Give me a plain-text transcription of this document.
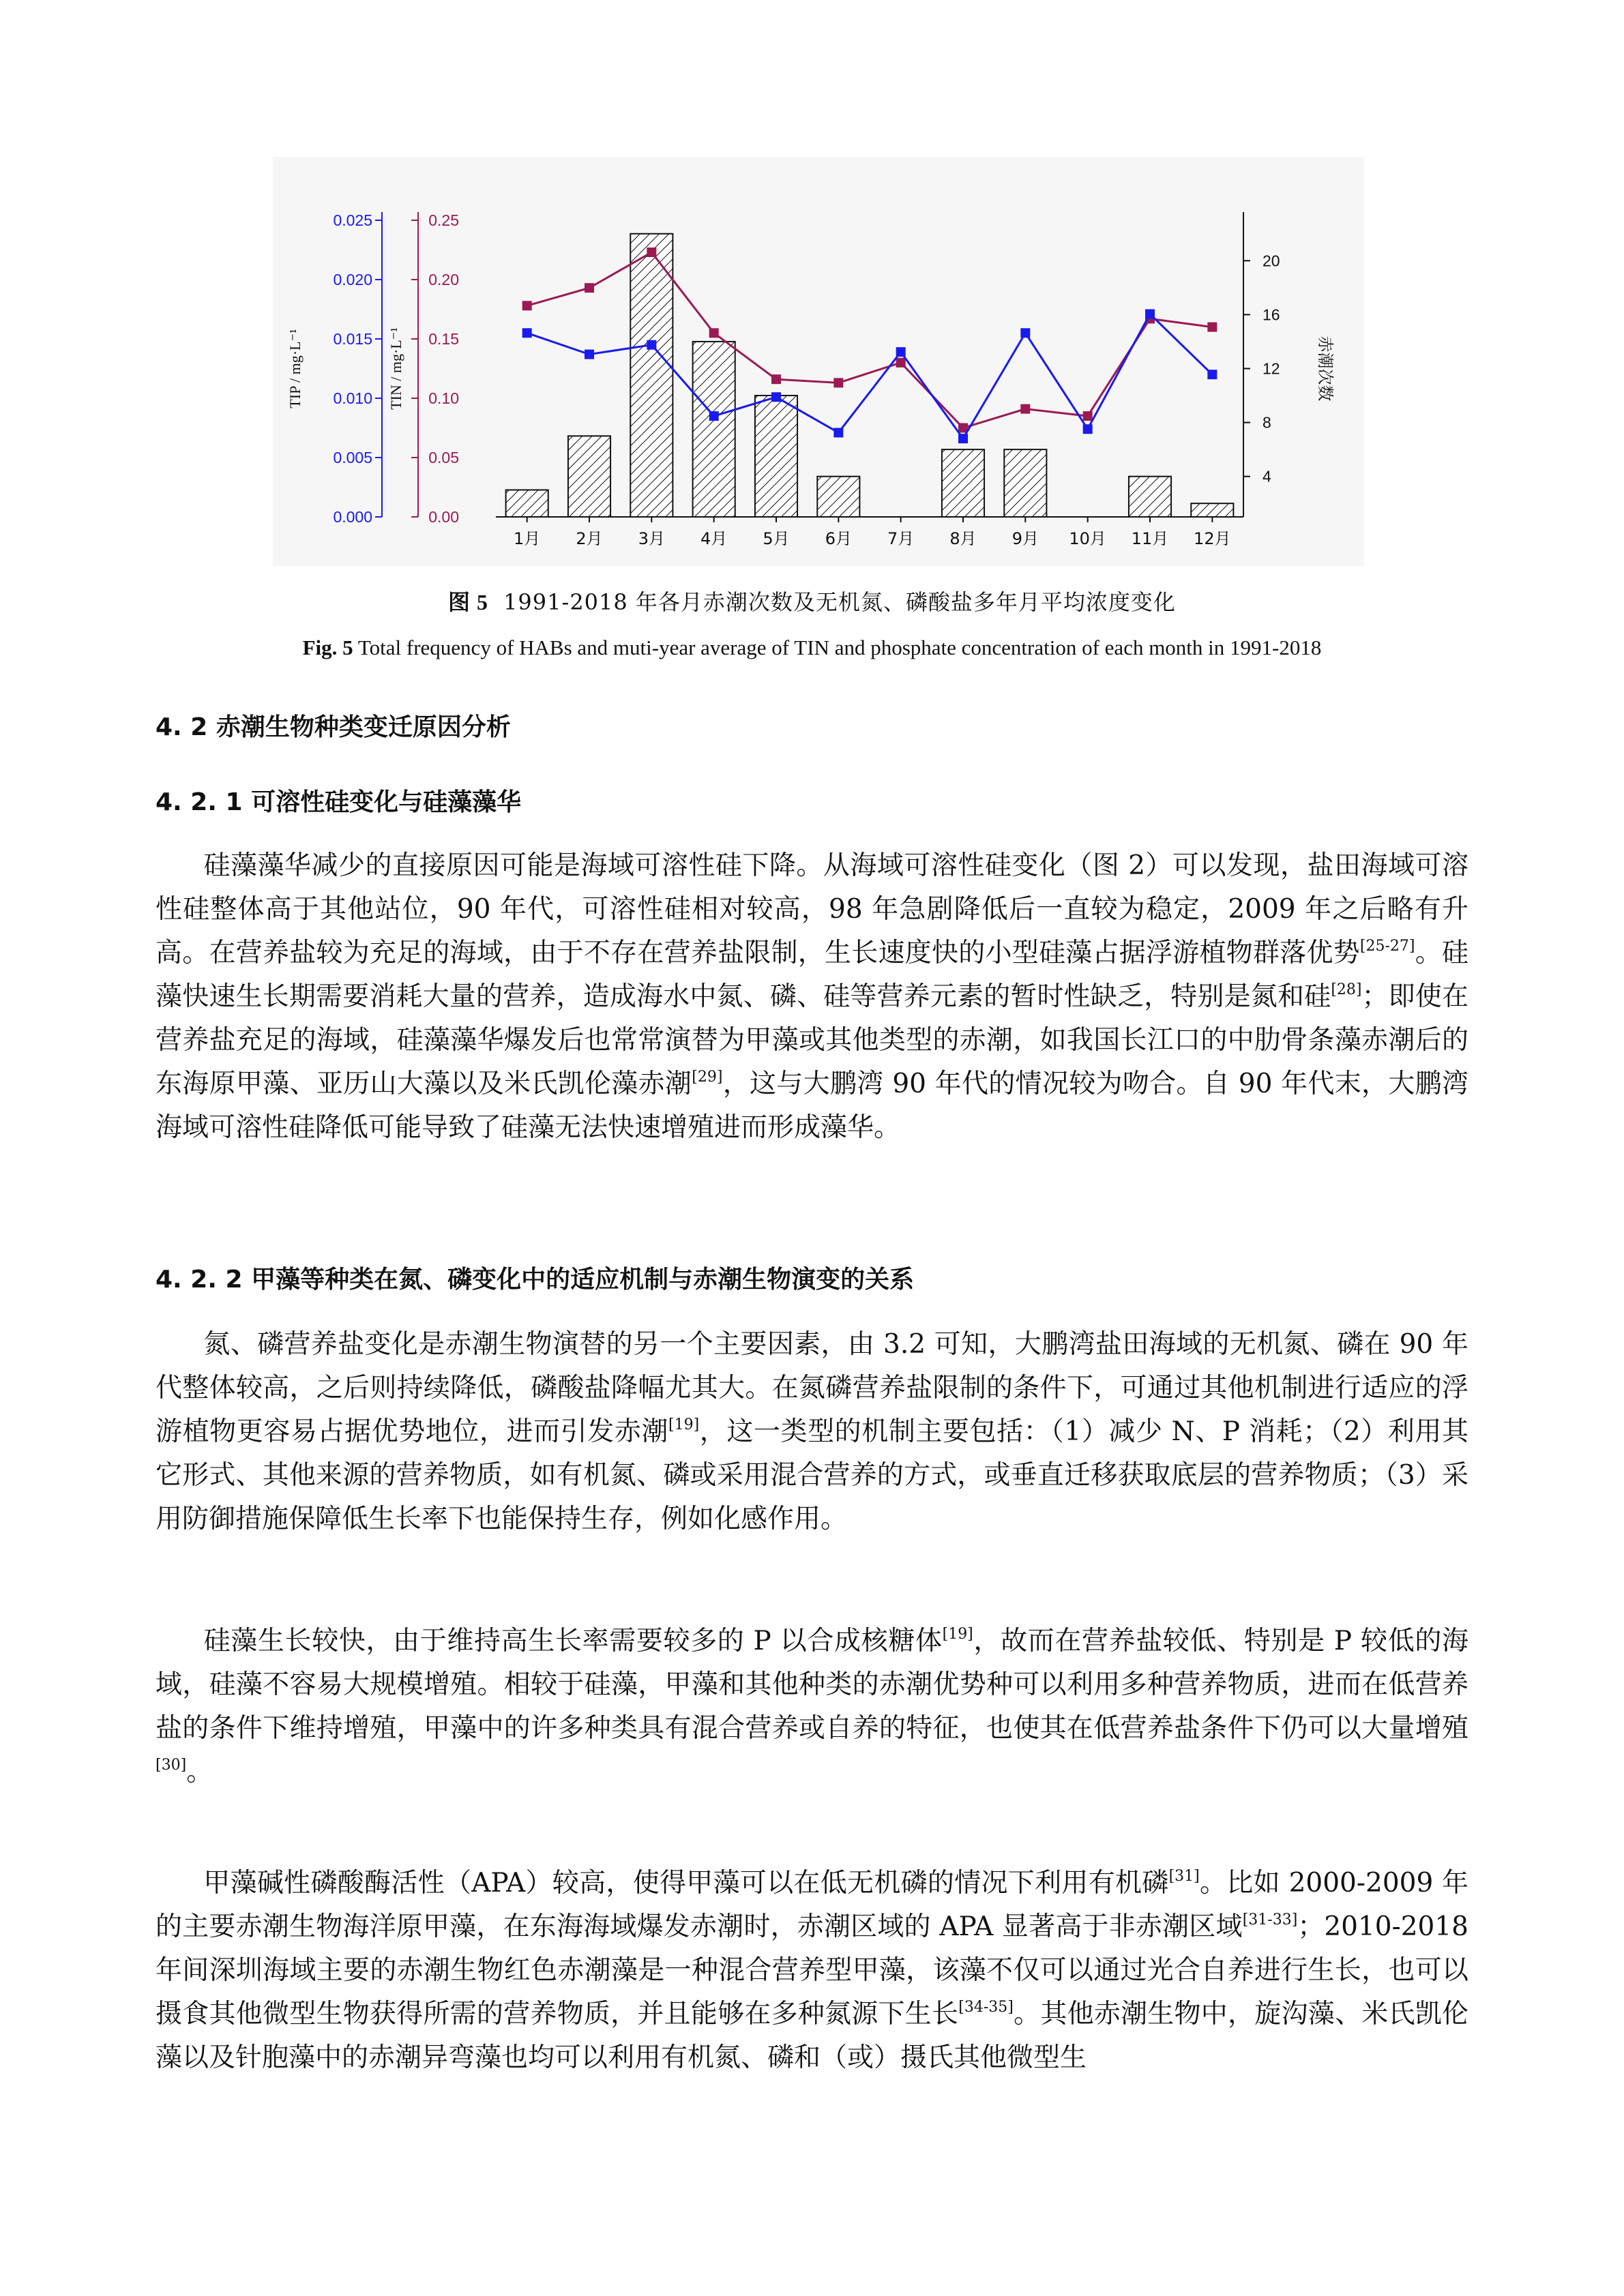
0.000
0.005
0.010
0.015
0.020
0.025
0.00
0.05
0.10
0.15
0.20
0.25
4
8
12
16
20
1月 2月 3月 4月 5月 6月 7月 8月 9月 10月 11月 12月
TIP / mg·L⁻¹	TIN / mg·L⁻¹	赤潮次数
图 5 1991-2018 年各月赤潮次数及无机氮、磷酸盐多年月平均浓度变化
Fig. 5 Total frequency of HABs and muti-year average of TIN and phosphate concentration of each month in 1991-2018
4. 2 赤潮生物种类变迁原因分析
4. 2. 1 可溶性硅变化与硅藻藻华

硅藻藻华减少的直接原因可能是海域可溶性硅下降。从海域可溶性硅变化（图 2）可以发现，盐田海域可溶性硅整体高于其他站位，90 年代，可溶性硅相对较高，98 年急剧降低后一直较为稳定，2009 年之后略有升高。在营养盐较为充足的海域，由于不存在营养盐限制，生长速度快的小型硅藻占据浮游植物群落优势[25-27]。硅藻快速生长期需要消耗大量的营养，造成海水中氮、磷、硅等营养元素的暂时性缺乏，特别是氮和硅[28]；即使在营养盐充足的海域，硅藻藻华爆发后也常常演替为甲藻或其他类型的赤潮，如我国长江口的中肋骨条藻赤潮后的东海原甲藻、亚历山大藻以及米氏凯伦藻赤潮[29]，这与大鹏湾 90 年代的情况较为吻合。自 90 年代末，大鹏湾海域可溶性硅降低可能导致了硅藻无法快速增殖进而形成藻华。

4. 2. 2 甲藻等种类在氮、磷变化中的适应机制与赤潮生物演变的关系

氮、磷营养盐变化是赤潮生物演替的另一个主要因素，由 3.2 可知，大鹏湾盐田海域的无机氮、磷在 90 年代整体较高，之后则持续降低，磷酸盐降幅尤其大。在氮磷营养盐限制的条件下，可通过其他机制进行适应的浮游植物更容易占据优势地位，进而引发赤潮[19]，这一类型的机制主要包括：（1）减少 N、P 消耗；（2）利用其它形式、其他来源的营养物质，如有机氮、磷或采用混合营养的方式，或垂直迁移获取底层的营养物质；（3）采用防御措施保障低生长率下也能保持生存，例如化感作用。

硅藻生长较快，由于维持高生长率需要较多的 P 以合成核糖体[19]，故而在营养盐较低、特别是 P 较低的海域，硅藻不容易大规模增殖。相较于硅藻，甲藻和其他种类的赤潮优势种可以利用多种营养物质，进而在低营养盐的条件下维持增殖，甲藻中的许多种类具有混合营养或自养的特征，也使其在低营养盐条件下仍可以大量增殖[30]。

甲藻碱性磷酸酶活性（APA）较高，使得甲藻可以在低无机磷的情况下利用有机磷[31]。比如 2000-2009 年的主要赤潮生物海洋原甲藻，在东海海域爆发赤潮时，赤潮区域的 APA 显著高于非赤潮区域[31-33]；2010-2018 年间深圳海域主要的赤潮生物红色赤潮藻是一种混合营养型甲藻，该藻不仅可以通过光合自养进行生长，也可以摄食其他微型生物获得所需的营养物质，并且能够在多种氮源下生长[34-35]。其他赤潮生物中，旋沟藻、米氏凯伦藻以及针胞藻中的赤潮异弯藻也均可以利用有机氮、磷和（或）摄氏其他微型生
